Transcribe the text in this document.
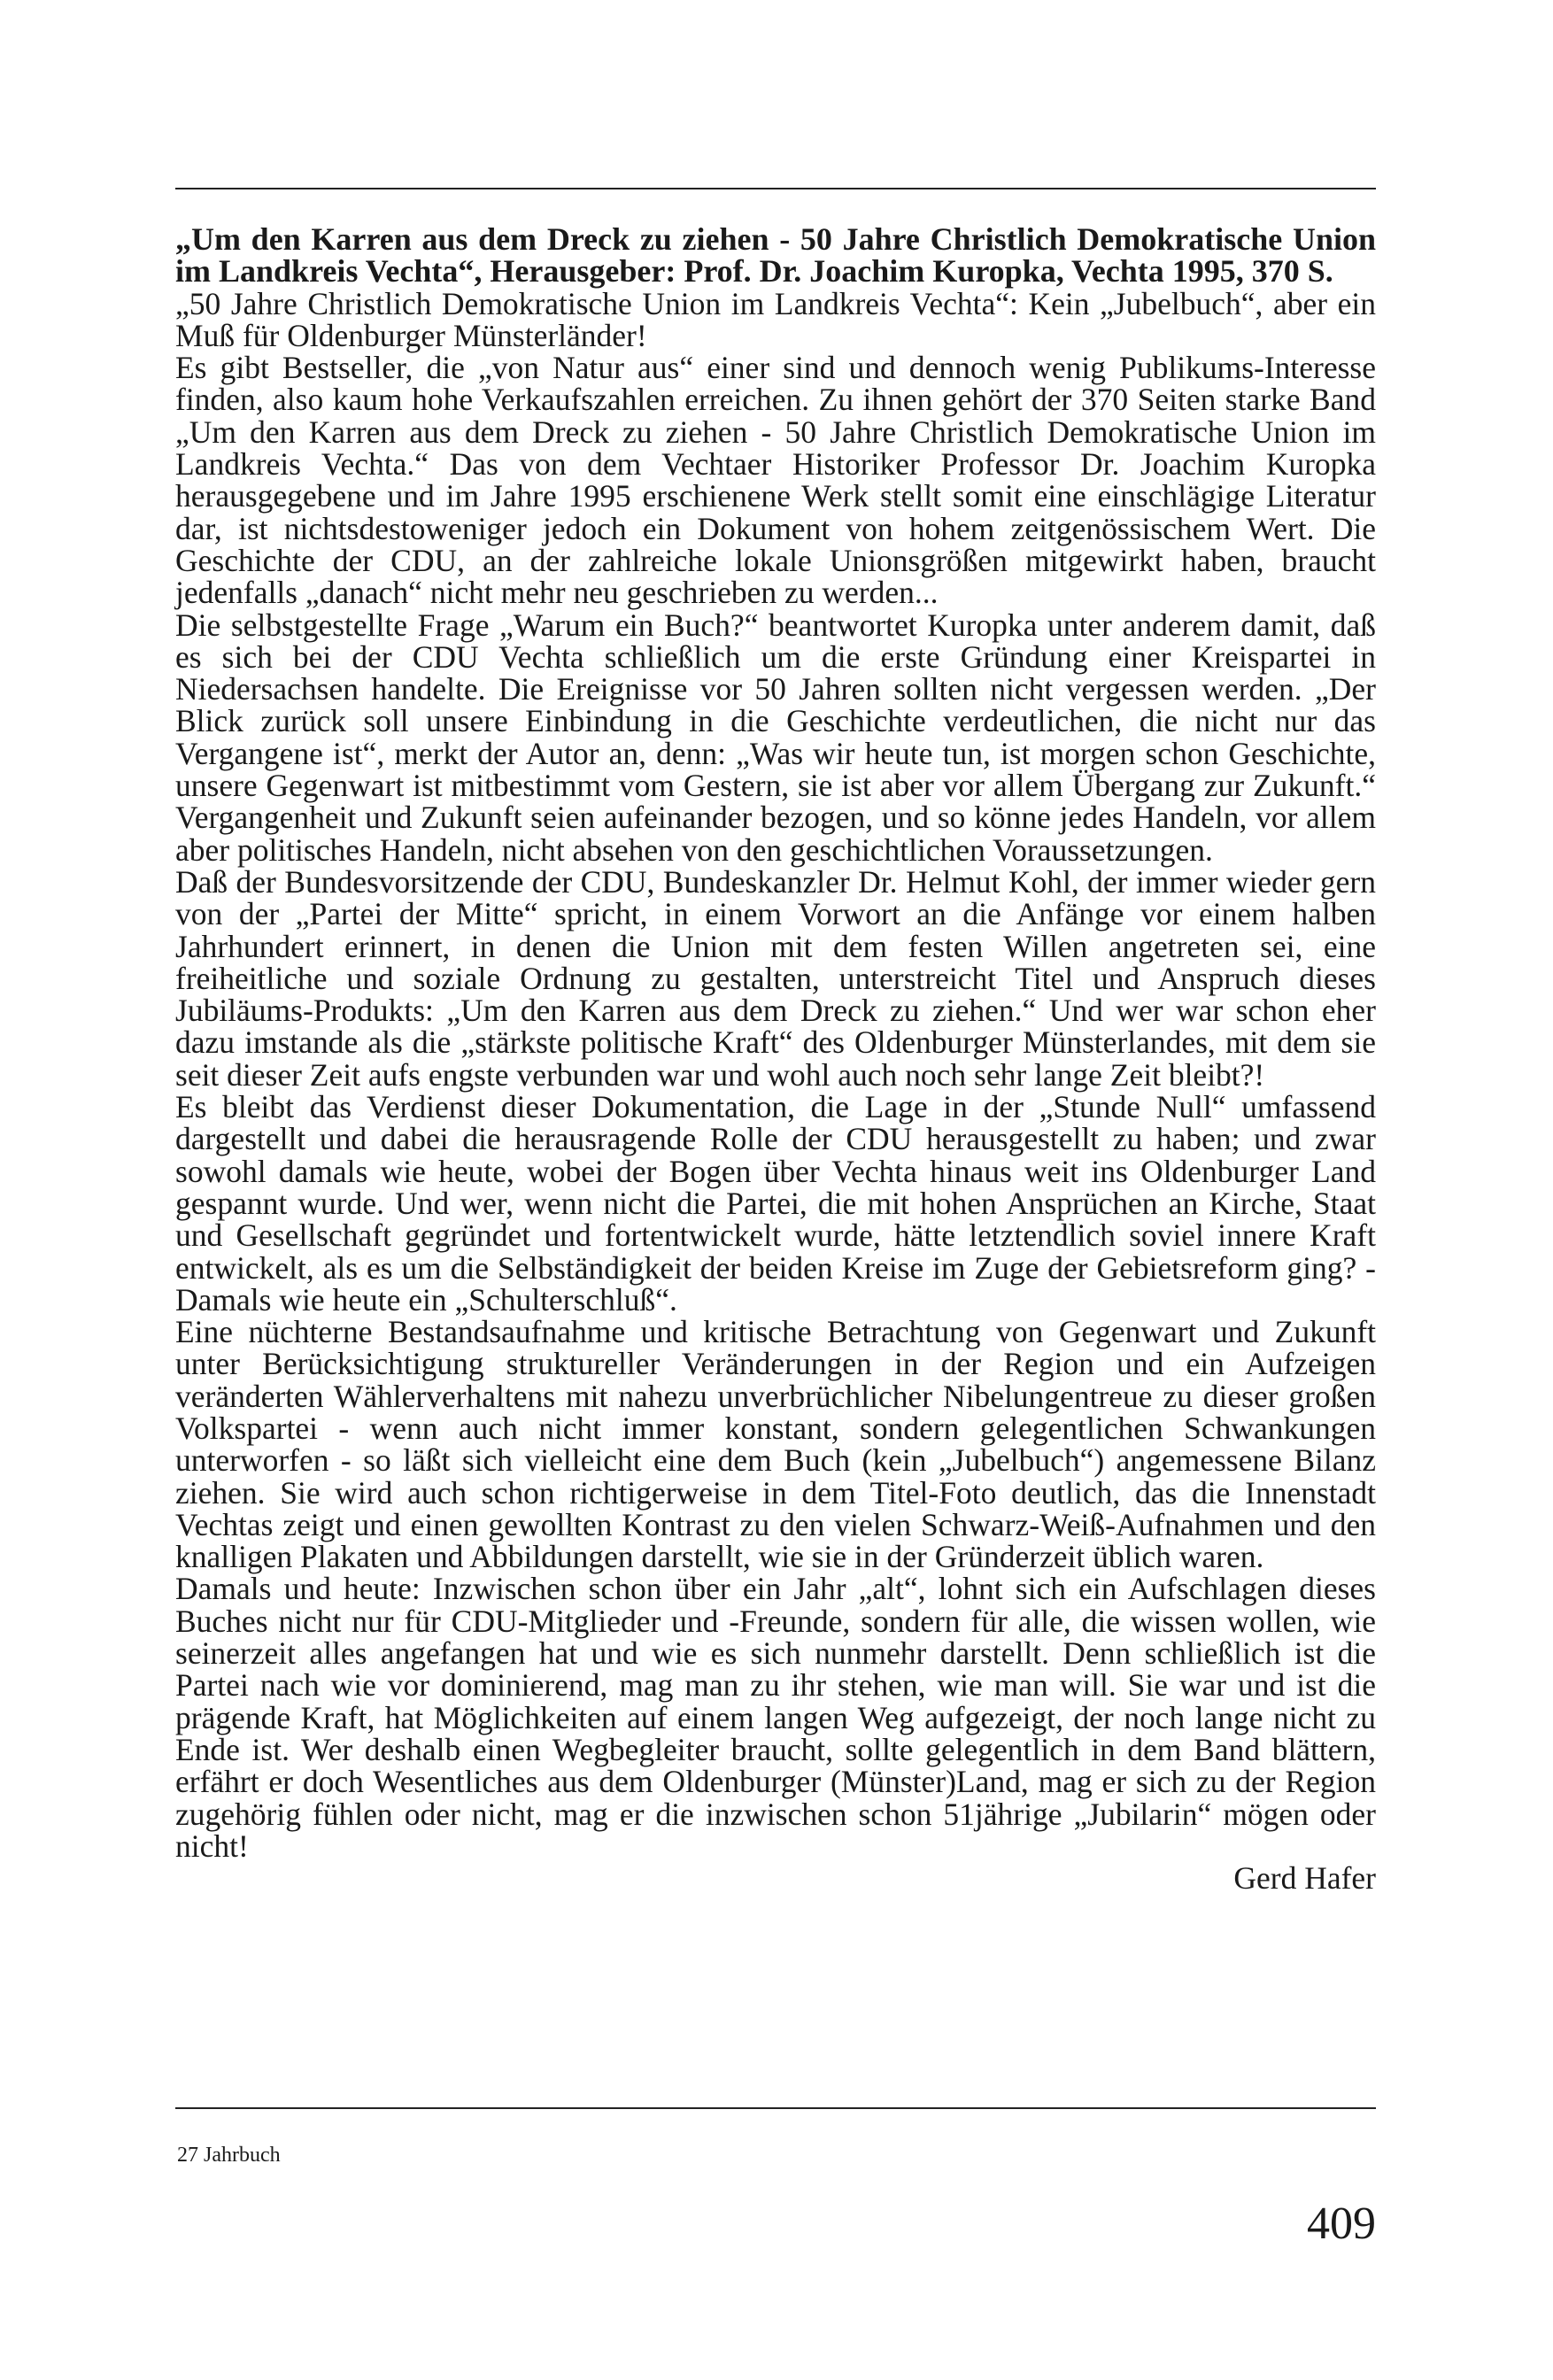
„Um den Karren aus dem Dreck zu ziehen - 50 Jahre Christlich Demokratische Union im Landkreis Vechta“, Herausgeber: Prof. Dr. Joachim Kuropka, Vechta 1995, 370 S.

„50 Jahre Christlich Demokratische Union im Landkreis Vechta“: Kein „Jubelbuch“, aber ein Muß für Oldenburger Münsterländer!

Es gibt Bestseller, die „von Natur aus“ einer sind und dennoch wenig Publikums-Interesse finden, also kaum hohe Verkaufszahlen erreichen. Zu ihnen gehört der 370 Seiten starke Band „Um den Karren aus dem Dreck zu ziehen - 50 Jahre Christlich Demokratische Union im Landkreis Vechta.“ Das von dem Vechtaer Historiker Professor Dr. Joachim Kuropka herausgegebene und im Jahre 1995 erschienene Werk stellt somit eine einschlägige Literatur dar, ist nichtsdestoweniger jedoch ein Dokument von hohem zeitgenössischem Wert. Die Geschichte der CDU, an der zahlreiche lokale Unionsgrößen mitgewirkt haben, braucht jedenfalls „danach“ nicht mehr neu geschrieben zu werden...

Die selbstgestellte Frage „Warum ein Buch?“ beantwortet Kuropka unter anderem damit, daß es sich bei der CDU Vechta schließlich um die erste Gründung einer Kreispartei in Niedersachsen handelte. Die Ereignisse vor 50 Jahren sollten nicht vergessen werden. „Der Blick zurück soll unsere Einbindung in die Geschichte verdeutlichen, die nicht nur das Vergangene ist“, merkt der Autor an, denn: „Was wir heute tun, ist morgen schon Geschichte, unsere Gegenwart ist mitbestimmt vom Gestern, sie ist aber vor allem Übergang zur Zukunft.“ Vergangenheit und Zukunft seien aufeinander bezogen, und so könne jedes Handeln, vor allem aber politisches Handeln, nicht absehen von den geschichtlichen Voraussetzungen.

Daß der Bundesvorsitzende der CDU, Bundeskanzler Dr. Helmut Kohl, der immer wieder gern von der „Partei der Mitte“ spricht, in einem Vorwort an die Anfänge vor einem halben Jahrhundert erinnert, in denen die Union mit dem festen Willen angetreten sei, eine freiheitliche und soziale Ordnung zu gestalten, unterstreicht Titel und Anspruch dieses Jubiläums-Produkts: „Um den Karren aus dem Dreck zu ziehen.“ Und wer war schon eher dazu imstande als die „stärkste politische Kraft“ des Oldenburger Münsterlandes, mit dem sie seit dieser Zeit aufs engste verbunden war und wohl auch noch sehr lange Zeit bleibt?!

Es bleibt das Verdienst dieser Dokumentation, die Lage in der „Stunde Null“ umfassend dargestellt und dabei die herausragende Rolle der CDU herausgestellt zu haben; und zwar sowohl damals wie heute, wobei der Bogen über Vechta hinaus weit ins Oldenburger Land gespannt wurde. Und wer, wenn nicht die Partei, die mit hohen Ansprüchen an Kirche, Staat und Gesellschaft gegründet und fortentwickelt wurde, hätte letztendlich soviel innere Kraft entwickelt, als es um die Selbständigkeit der beiden Kreise im Zuge der Gebietsreform ging? - Damals wie heute ein „Schulterschluß“.

Eine nüchterne Bestandsaufnahme und kritische Betrachtung von Gegenwart und Zukunft unter Berücksichtigung struktureller Veränderungen in der Region und ein Aufzeigen veränderten Wählerverhaltens mit nahezu unverbrüchlicher Nibelungentreue zu dieser großen Volkspartei - wenn auch nicht immer konstant, sondern gelegentlichen Schwankungen unterworfen - so läßt sich vielleicht eine dem Buch (kein „Jubelbuch“) angemessene Bilanz ziehen. Sie wird auch schon richtigerweise in dem Titel-Foto deutlich, das die Innenstadt Vechtas zeigt und einen gewollten Kontrast zu den vielen Schwarz-Weiß-Aufnahmen und den knalligen Plakaten und Abbildungen darstellt, wie sie in der Gründerzeit üblich waren.

Damals und heute: Inzwischen schon über ein Jahr „alt“, lohnt sich ein Aufschlagen dieses Buches nicht nur für CDU-Mitglieder und -Freunde, sondern für alle, die wissen wollen, wie seinerzeit alles angefangen hat und wie es sich nunmehr darstellt. Denn schließlich ist die Partei nach wie vor dominierend, mag man zu ihr stehen, wie man will. Sie war und ist die prägende Kraft, hat Möglichkeiten auf einem langen Weg aufgezeigt, der noch lange nicht zu Ende ist. Wer deshalb einen Wegbegleiter braucht, sollte gelegentlich in dem Band blättern, erfährt er doch Wesentliches aus dem Oldenburger (Münster)Land, mag er sich zu der Region zugehörig fühlen oder nicht, mag er die inzwischen schon 51jährige „Jubilarin“ mögen oder nicht!

Gerd Hafer

27 Jahrbuch
409
